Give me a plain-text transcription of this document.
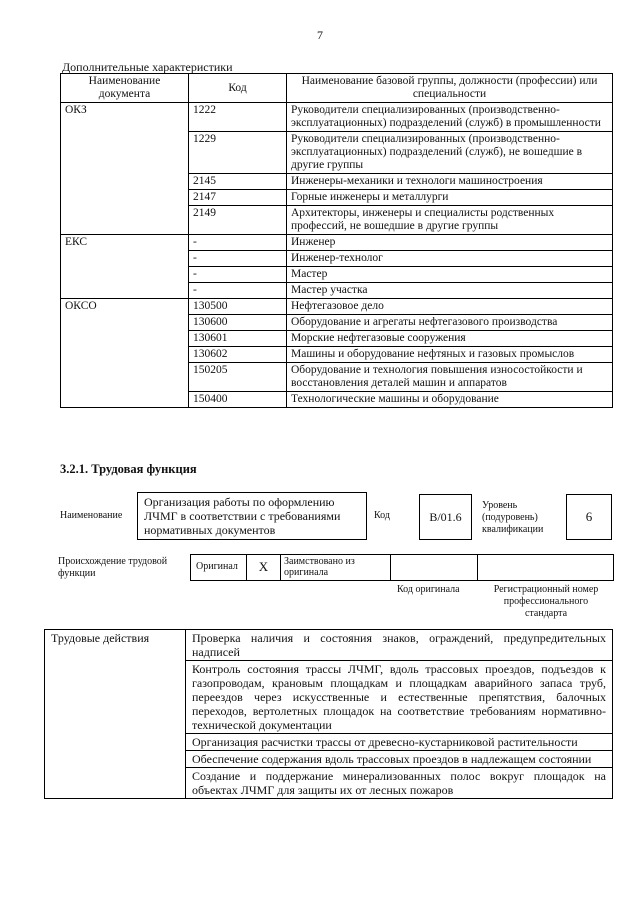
7
Дополнительные характеристики
Наименование документа	Код	Наименование базовой группы, должности (профессии) или специальности
ОКЗ	1222	Руководители специализированных (производственно-эксплуатационных) подразделений (служб) в промышленности
	1229	Руководители специализированных (производственно-эксплуатационных) подразделений (служб), не вошедшие в другие группы
	2145	Инженеры-механики и технологи машиностроения
	2147	Горные инженеры и металлурги
	2149	Архитекторы, инженеры и специалисты родственных профессий, не вошедшие в другие группы
ЕКС	-	Инженер
	-	Инженер-технолог
	-	Мастер
	-	Мастер участка
ОКСО	130500	Нефтегазовое дело
	130600	Оборудование и агрегаты нефтегазового производства
	130601	Морские нефтегазовые сооружения
	130602	Машины и оборудование нефтяных и газовых промыслов
	150205	Оборудование и технология повышения износостойкости и восстановления деталей машин и аппаратов
	150400	Технологические машины и оборудование
3.2.1. Трудовая функция
Наименование
Организация работы по оформлению ЛЧМГ в соответствии с требованиями нормативных документов
Код	B/01.6
Уровень (подуровень) квалификации
6
Происхождение трудовой функции
Оригинал	X	Заимствовано из оригинала
Код оригинала	Регистрационный номер профессионального стандарта
Трудовые действия	Проверка наличия и состояния знаков, ограждений, предупредительных надписей
Контроль состояния трассы ЛЧМГ, вдоль трассовых проездов, подъездов к газопроводам, крановым площадкам и площадкам аварийного запаса труб, переездов через искусственные и естественные препятствия, балочных переходов, вертолетных площадок на соответствие требованиям нормативно-технической документации
Организация расчистки трассы от древесно-кустарниковой растительности
Обеспечение содержания вдоль трассовых проездов в надлежащем состоянии
Создание и поддержание минерализованных полос вокруг площадок на объектах ЛЧМГ для защиты их от лесных пожаров
